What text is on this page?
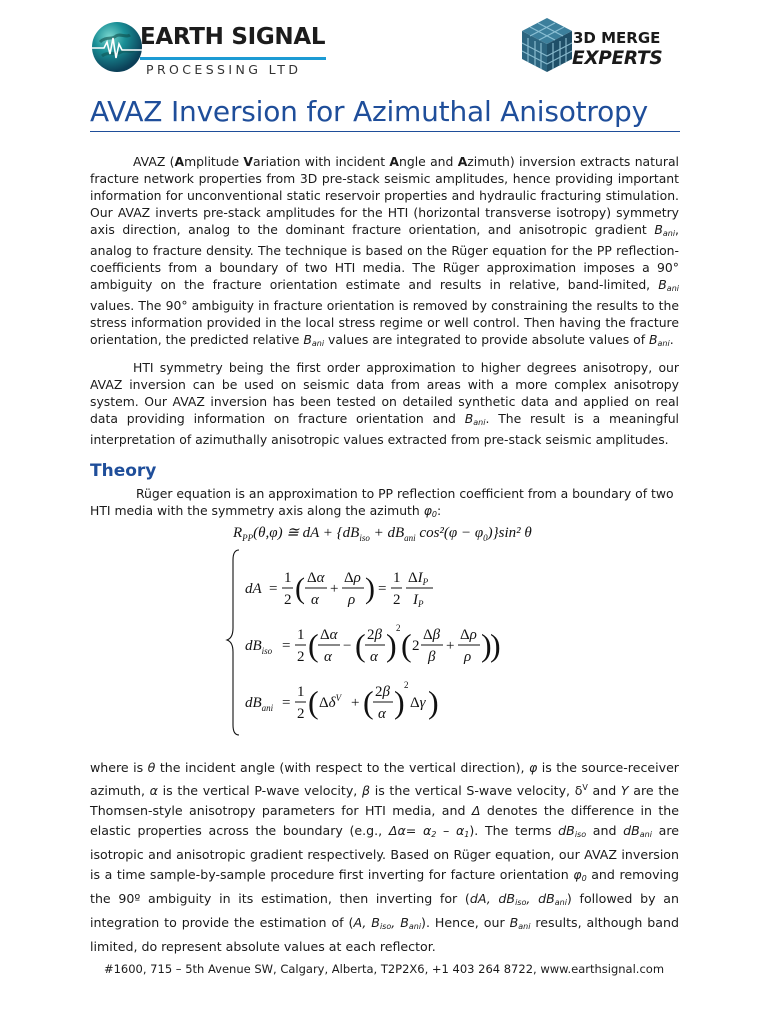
EARTH SIGNAL
PROCESSING LTD
3D MERGE
EXPERTS
AVAZ Inversion for Azimuthal Anisotropy

AVAZ (Amplitude Variation with incident Angle and Azimuth) inversion extracts natural fracture network properties from 3D pre-stack seismic amplitudes, hence providing important information for unconventional static reservoir properties and hydraulic fracturing stimulation. Our AVAZ inverts pre-stack amplitudes for the HTI (horizontal transverse isotropy) symmetry axis direction, analog to the dominant fracture orientation, and anisotropic gradient $B_{ani}$, analog to fracture density. The technique is based on the Rüger equation for the PP reflection-coefficients from a boundary of two HTI media. The Rüger approximation imposes a 90° ambiguity on the fracture orientation estimate and results in relative, band-limited, $B_{ani}$ values. The 90° ambiguity in fracture orientation is removed by constraining the results to the stress information provided in the local stress regime or well control. Then having the fracture orientation, the predicted relative $B_{ani}$ values are integrated to provide absolute values of $B_{ani}$.

HTI symmetry being the first order approximation to higher degrees anisotropy, our AVAZ inversion can be used on seismic data from areas with a more complex anisotropy system. Our AVAZ inversion has been tested on detailed synthetic data and applied on real data providing information on fracture orientation and $B_{ani}$. The result is a meaningful interpretation of azimuthally anisotropic values extracted from pre-stack seismic amplitudes.

Theory

Rüger equation is an approximation to PP reflection coefficient from a boundary of two HTI media with the symmetry axis along the azimuth $\varphi_0$:

$R_{PP}(\theta,\varphi)$ ≅ dA + {$dB_{iso} + dB_{ani}$ $\cos^2(\varphi - \varphi_0)\}\sin^2$ θ
dA =
1
2 ( Δα
α
+
Δρ
ρ ) =
1
2
$\Delta I_P$
$I_P$
$dB_{iso}$ =
1
2 ( Δα
α
− ( 2β
α ) 2 ( 2
Δβ
β
+
Δρ
ρ )
)
$dB_{ani}$ =
1
2 ( $\Delta\delta^V$ + ( 2β
α ) 2
Δγ )

where is θ the incident angle (with respect to the vertical direction), φ is the source-receiver azimuth, α is the vertical P-wave velocity, β is the vertical S-wave velocity, $\delta^V$ and Υ are the Thomsen-style anisotropy parameters for HTI media, and Δ denotes the difference in the elastic properties across the boundary (e.g., $\Delta\alpha= \alpha_2 - \alpha_1$). The terms $dB_{iso}$ and $dB_{ani}$ are isotropic and anisotropic gradient respectively. Based on Rüger equation, our AVAZ inversion is a time sample-by-sample procedure first inverting for facture orientation $\varphi_0$ and removing the 90º ambiguity in its estimation, then inverting for (dA, $dB_{iso}$, $dB_{ani}$) followed by an integration to provide the estimation of (A, $B_{iso}$, $B_{ani}$). Hence, our $B_{ani}$ results, although band limited, do represent absolute values at each reflector.

#1600, 715 – 5th Avenue SW, Calgary, Alberta, T2P2X6, +1 403 264 8722, www.earthsignal.com
